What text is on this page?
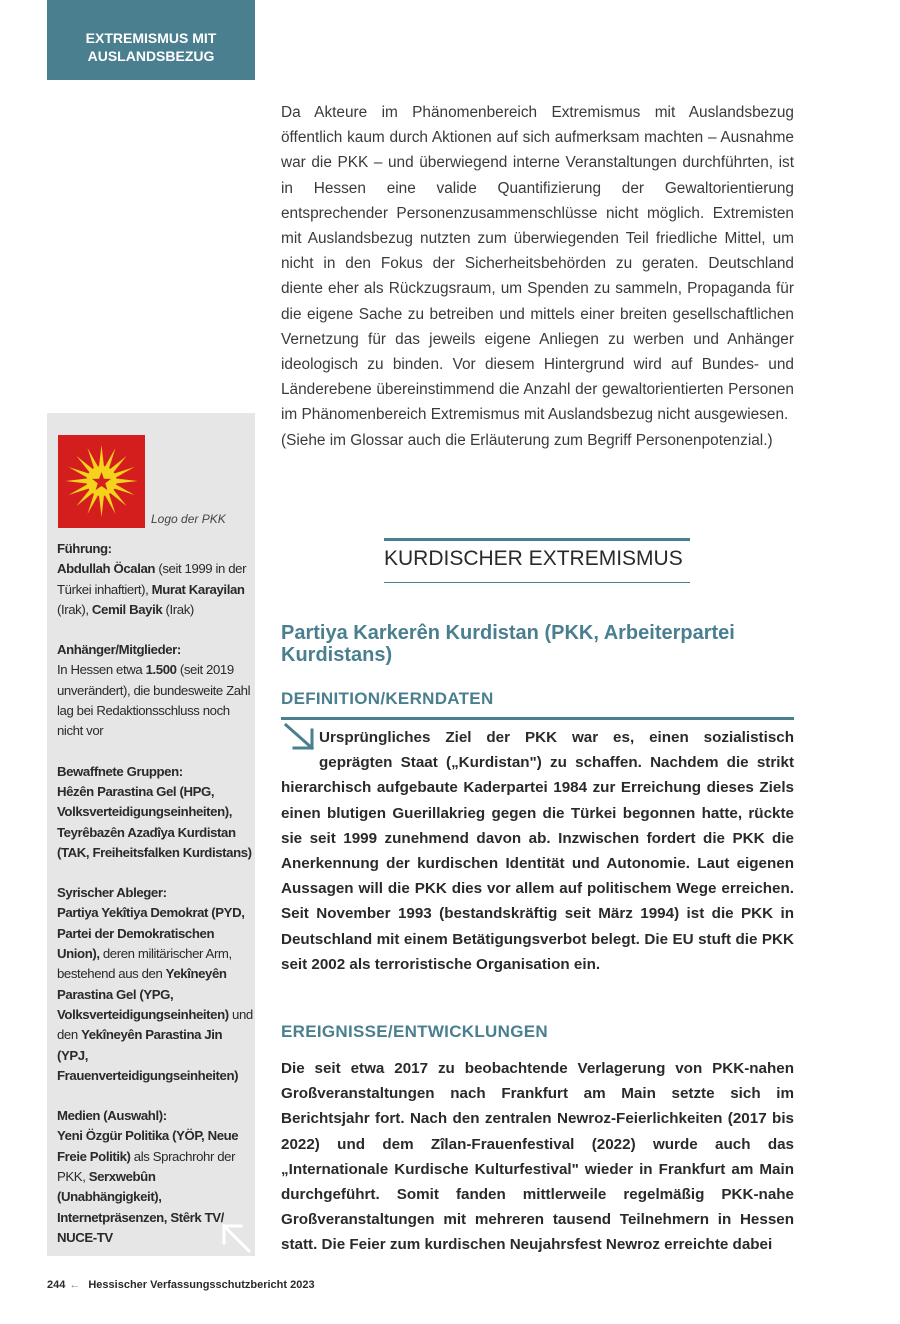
EXTREMISMUS MIT
AUSLANDSBEZUG

Da Akteure im Phänomenbereich Extremismus mit Auslandsbezug öffentlich kaum durch Aktionen auf sich aufmerksam machten – Ausnahme war die PKK – und überwiegend interne Veranstaltungen durchführten, ist in Hessen eine valide Quantifizierung der Gewaltorientierung entsprechender Personenzusammenschlüsse nicht möglich. Extremisten mit Auslandsbezug nutzten zum überwiegenden Teil friedliche Mittel, um nicht in den Fokus der Sicherheitsbehörden zu geraten. Deutschland diente eher als Rückzugsraum, um Spenden zu sammeln, Propaganda für die eigene Sache zu betreiben und mittels einer breiten gesellschaftlichen Vernetzung für das jeweils eigene Anliegen zu werben und Anhänger ideologisch zu binden. Vor diesem Hintergrund wird auf Bundes- und Länderebene übereinstimmend die Anzahl der gewaltorientierten Personen im Phänomenbereich Extremismus mit Auslandsbezug nicht ausgewiesen.

(Siehe im Glossar auch die Erläuterung zum Begriff Personenpotenzial.)

Logo der PKK
Führung:
Abdullah Öcalan (seit 1999 in der Türkei inhaftiert), Murat Karayilan (Irak), Cemil Bayik (Irak)
Anhänger/Mitglieder:
In Hessen etwa 1.500 (seit 2019 unverändert), die bundesweite Zahl lag bei Redaktionsschluss noch nicht vor
Bewaffnete Gruppen:
Hêzên Parastina Gel (HPG, Volksverteidigungseinheiten), Teyrêbazên Azadîya Kurdistan (TAK, Freiheitsfalken Kurdistans)
Syrischer Ableger:
Partiya Yekîtiya Demokrat (PYD, Partei der Demokratischen Union), deren militärischer Arm, bestehend aus den Yekîneyên Parastina Gel (YPG, Volksverteidigungseinheiten) und den Yekîneyên Parastina Jin (YPJ, Frauenverteidigungseinheiten)
Medien (Auswahl):
Yeni Özgür Politika (YÖP, Neue Freie Politik) als Sprachrohr der PKK, Serxwebûn (Unabhängigkeit), Internetpräsenzen, Stêrk TV/ NUCE-TV
KURDISCHER EXTREMISMUS
Partiya Karkerên Kurdistan (PKK, Arbeiterpartei Kurdistans)
DEFINITION/KERNDATEN
Ursprüngliches Ziel der PKK war es, einen sozialistisch geprägten Staat („Kurdistan") zu schaffen. Nachdem die strikt hierarchisch aufgebaute Kaderpartei 1984 zur Erreichung dieses Ziels einen blutigen Guerillakrieg gegen die Türkei begonnen hatte, rückte sie seit 1999 zunehmend davon ab. Inzwischen fordert die PKK die Anerkennung der kurdischen Identität und Autonomie. Laut eigenen Aussagen will die PKK dies vor allem auf politischem Wege erreichen. Seit November 1993 (bestandskräftig seit März 1994) ist die PKK in Deutschland mit einem Betätigungsverbot belegt. Die EU stuft die PKK seit 2002 als terroristische Organisation ein.
EREIGNISSE/ENTWICKLUNGEN
Die seit etwa 2017 zu beobachtende Verlagerung von PKK-nahen Großveranstaltungen nach Frankfurt am Main setzte sich im Berichtsjahr fort. Nach den zentralen Newroz-Feierlichkeiten (2017 bis 2022) und dem Zîlan-Frauenfestival (2022) wurde auch das „Internationale Kurdische Kulturfestival" wieder in Frankfurt am Main durchgeführt. Somit fanden mittlerweile regelmäßig PKK-nahe Großveranstaltungen mit mehreren tausend Teilnehmern in Hessen statt. Die Feier zum kurdischen Neujahrsfest Newroz erreichte dabei
244 ← Hessischer Verfassungsschutzbericht 2023
